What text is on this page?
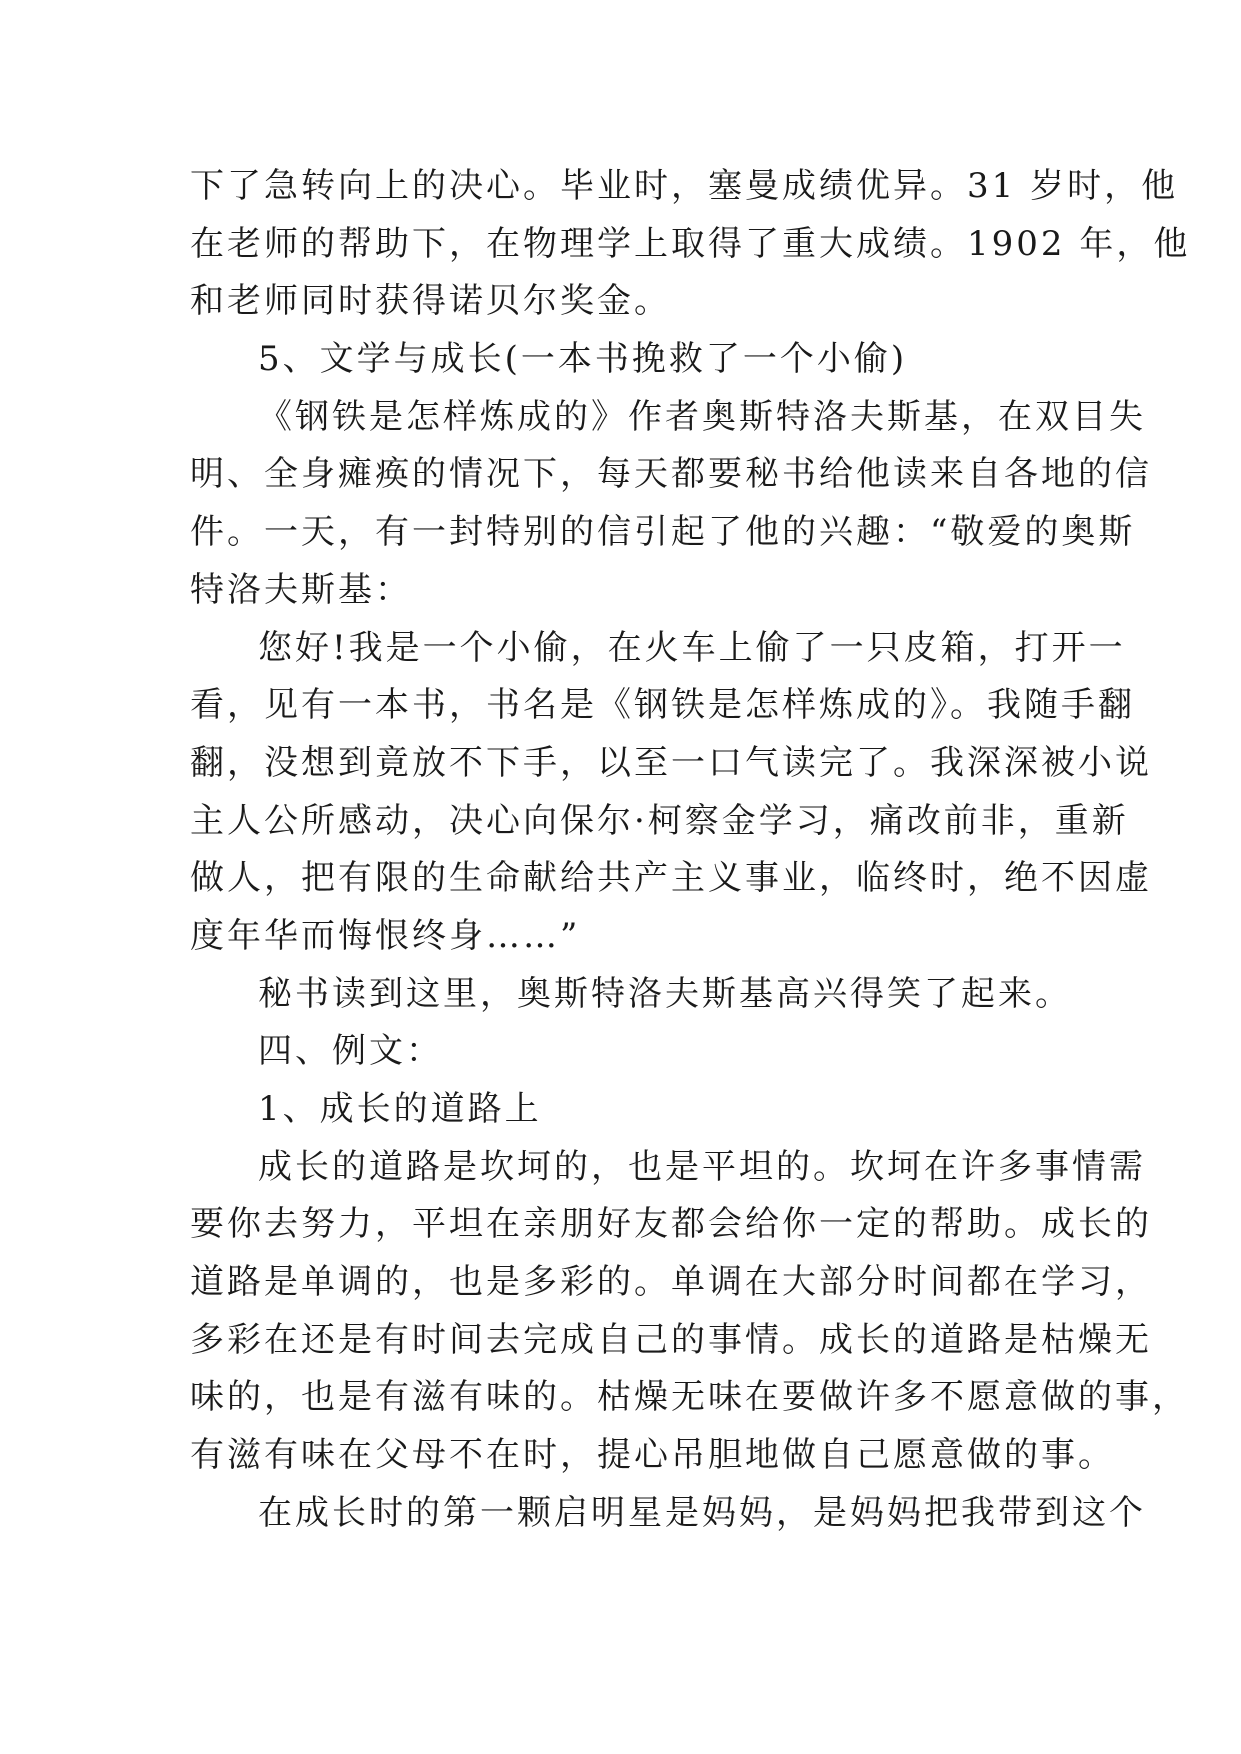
下了急转向上的决心。毕业时，塞曼成绩优异。31 岁时，他
在老师的帮助下，在物理学上取得了重大成绩。1902 年，他
和老师同时获得诺贝尔奖金。
5、文学与成长(一本书挽救了一个小偷)
《钢铁是怎样炼成的》作者奥斯特洛夫斯基，在双目失
明、全身瘫痪的情况下，每天都要秘书给他读来自各地的信
件。一天，有一封特别的信引起了他的兴趣：“敬爱的奥斯
特洛夫斯基：
您好!我是一个小偷，在火车上偷了一只皮箱，打开一
看，见有一本书，书名是《钢铁是怎样炼成的》。我随手翻
翻，没想到竟放不下手，以至一口气读完了。我深深被小说
主人公所感动，决心向保尔·柯察金学习，痛改前非，重新
做人，把有限的生命献给共产主义事业，临终时，绝不因虚
度年华而悔恨终身……”
秘书读到这里，奥斯特洛夫斯基高兴得笑了起来。
四、例文：
1、成长的道路上
成长的道路是坎坷的，也是平坦的。坎坷在许多事情需
要你去努力，平坦在亲朋好友都会给你一定的帮助。成长的
道路是单调的，也是多彩的。单调在大部分时间都在学习，
多彩在还是有时间去完成自己的事情。成长的道路是枯燥无
味的，也是有滋有味的。枯燥无味在要做许多不愿意做的事，
有滋有味在父母不在时，提心吊胆地做自己愿意做的事。
在成长时的第一颗启明星是妈妈，是妈妈把我带到这个
